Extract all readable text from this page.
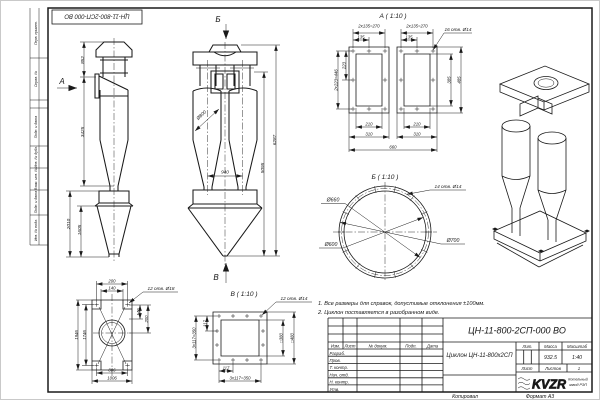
Перв. примен.
Справ. №
Подп. и дата
Инв. № дубл.
Взам. инв. №
Подп. и дата
Инв. № подл.
ЦН-11-800-2СП-000 ВО
852
3425
2010
1605
А
Б
В
Ø800
940	5095
6287
А ( 1:10 )
2x135=270	2x135=270
135	135
223
2x223=446	385 485
210	210
310	310
660
16 отв. Ø14
Б ( 1:10 )
Ø660
Ø600
Ø700
14 отв. Ø14
200
140	12 отв. Ø18
140
200
1946 1746
806
1006
В ( 1:10 )
117
3x117=350	□380 □480
117
3x117=350
12 отв. Ø14
1. Все размеры для справок, допустимые отклонения ±100мм.
2. Циклон поставляется в разобранном виде.
ЦН-11-800-2СП-000 ВО
Изм. Лист	№ докум.	Подп. Дата
Разраб.
Пров.
Т. контр.
Нач. отд.
Н. контр.
Утв.
Циклон ЦН-11-800х2СП
Лит.	Масса Масштаб
932.5	1:40
Лист	Листов	1
KVZR Котельный
завод РЭП
Копировал	Формат А3
